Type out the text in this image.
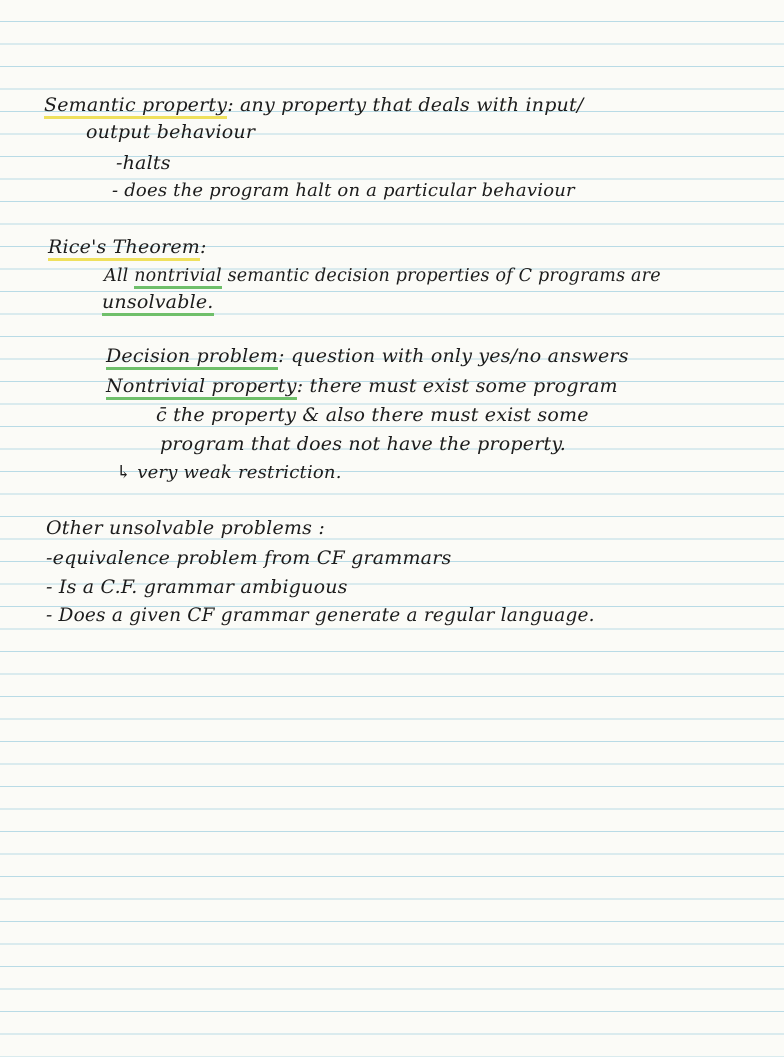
Semantic property: any property that deals with input/
output behaviour
-halts
- does the program halt on a particular behaviour
Rice's Theorem:
All nontrivial semantic decision properties of C programs are
unsolvable.
Decision problem: question with only yes/no answers
Nontrivial property: there must exist some program
c̄ the property & also there must exist some
program that does not have the property.
↳ very weak restriction.
Other unsolvable problems :
-equivalence problem from CF grammars
- Is a C.F. grammar ambiguous
- Does a given CF grammar generate a regular language.
